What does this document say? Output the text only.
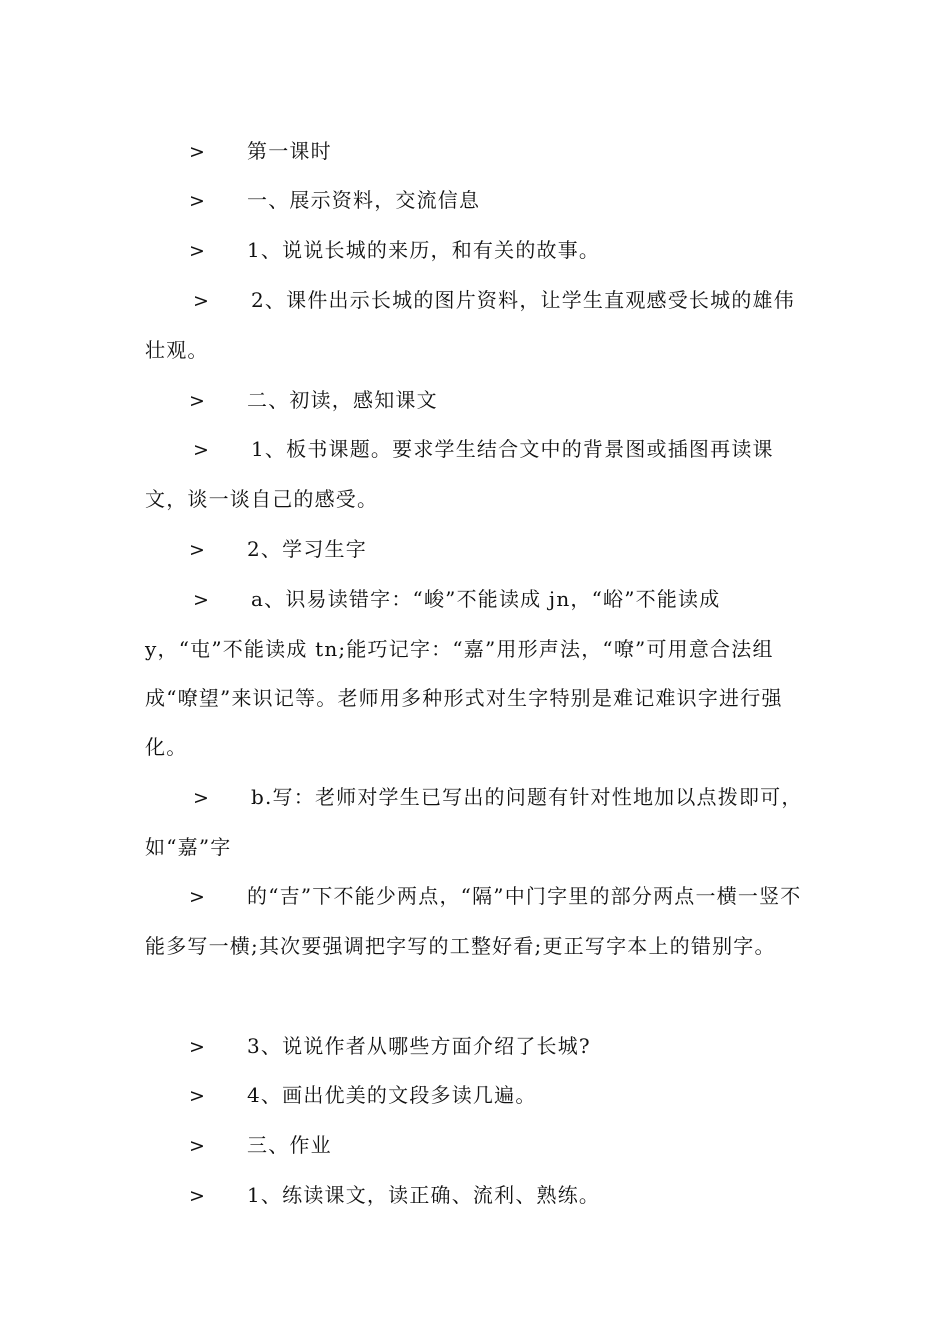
> 第一课时
> 一、展示资料，交流信息
> 1、说说长城的来历，和有关的故事。
> 2、课件出示长城的图片资料，让学生直观感受长城的雄伟壮观。
> 二、初读，感知课文
> 1、板书课题。要求学生结合文中的背景图或插图再读课文，谈一谈自己的感受。
> 2、学习生字
> a、识易读错字：“峻”不能读成 jn，“峪”不能读成 y，“屯”不能读成 tn;能巧记字：“嘉”用形声法，“嘹”可用意合法组成“嘹望”来识记等。老师用多种形式对生字特别是难记难识字进行强化。
> b.写：老师对学生已写出的问题有针对性地加以点拨即可，如“嘉”字
> 的“吉”下不能少两点，“隔”中门字里的部分两点一横一竖不能多写一横;其次要强调把字写的工整好看;更正写字本上的错别字。
> 3、说说作者从哪些方面介绍了长城?
> 4、画出优美的文段多读几遍。
> 三、作业
> 1、练读课文，读正确、流利、熟练。
